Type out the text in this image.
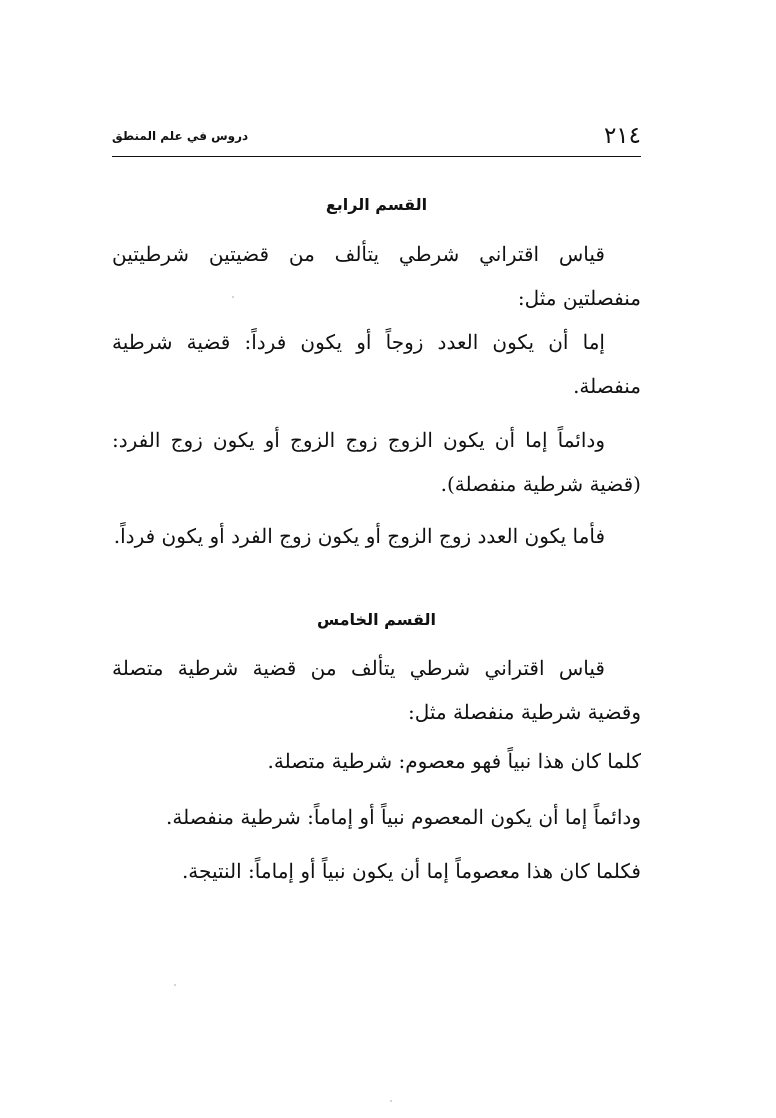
٢١٤
دروس في علم المنطق
القسم الرابع

قياس اقتراني شرطي يتألف من قضيتين شرطيتين منفصلتين مثل:

إما أن يكون العدد زوجاً أو يكون فرداً: قضية شرطية منفصلة.

ودائماً إما أن يكون الزوج زوج الزوج أو يكون زوج الفرد: (قضية شرطية منفصلة).

فأما يكون العدد زوج الزوج أو يكون زوج الفرد أو يكون فرداً.

القسم الخامس

قياس اقتراني شرطي يتألف من قضية شرطية متصلة وقضية شرطية منفصلة مثل:

كلما كان هذا نبياً فهو معصوم: شرطية متصلة.

ودائماً إما أن يكون المعصوم نبياً أو إماماً: شرطية منفصلة.

فكلما كان هذا معصوماً إما أن يكون نبياً أو إماماً: النتيجة.
